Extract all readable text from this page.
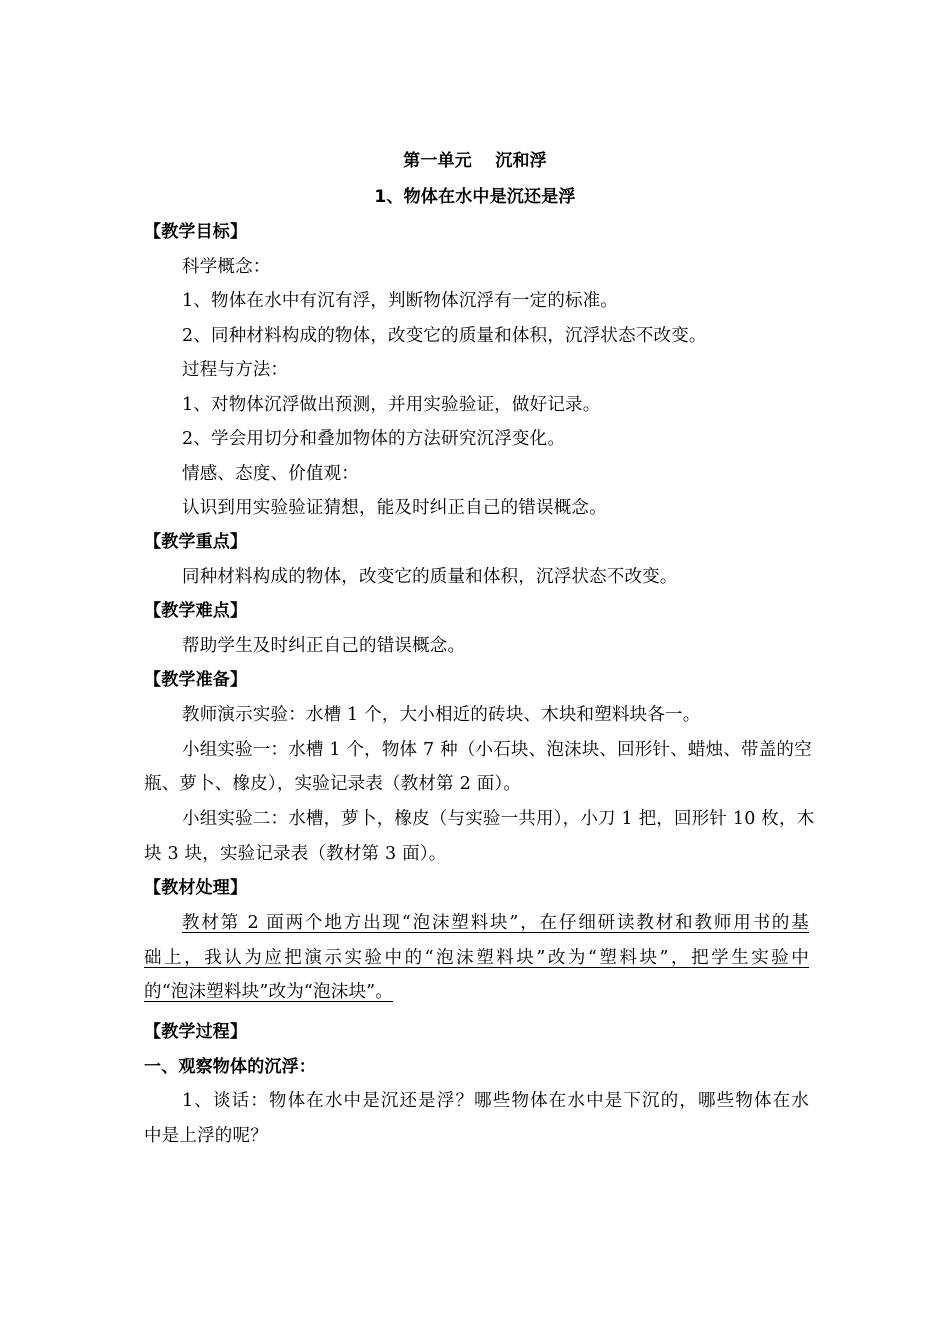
第一单元　 沉和浮
1、物体在水中是沉还是浮
【教学目标】
科学概念：
1、物体在水中有沉有浮，判断物体沉浮有一定的标准。
2、同种材料构成的物体，改变它的质量和体积，沉浮状态不改变。
过程与方法：
1、对物体沉浮做出预测，并用实验验证，做好记录。
2、学会用切分和叠加物体的方法研究沉浮变化。
情感、态度、价值观：
认识到用实验验证猜想，能及时纠正自己的错误概念。
【教学重点】
同种材料构成的物体，改变它的质量和体积，沉浮状态不改变。
【教学难点】
帮助学生及时纠正自己的错误概念。
【教学准备】
教师演示实验：水槽 1 个，大小相近的砖块、木块和塑料块各一。
小组实验一：水槽 1 个，物体 7 种（小石块、泡沫块、回形针、蜡烛、带盖的空
瓶、萝卜、橡皮），实验记录表（教材第 2 面）。
小组实验二：水槽，萝卜，橡皮（与实验一共用），小刀 1 把，回形针 10 枚，木
块 3 块，实验记录表（教材第 3 面）。
【教材处理】
教材第 2 面两个地方出现“泡沫塑料块”，在仔细研读教材和教师用书的基
础上，我认为应把演示实验中的“泡沫塑料块”改为“塑料块”，把学生实验中
的“泡沫塑料块”改为“泡沫块”。
【教学过程】
一、观察物体的沉浮：
1、谈话：物体在水中是沉还是浮？哪些物体在水中是下沉的，哪些物体在水
中是上浮的呢？
